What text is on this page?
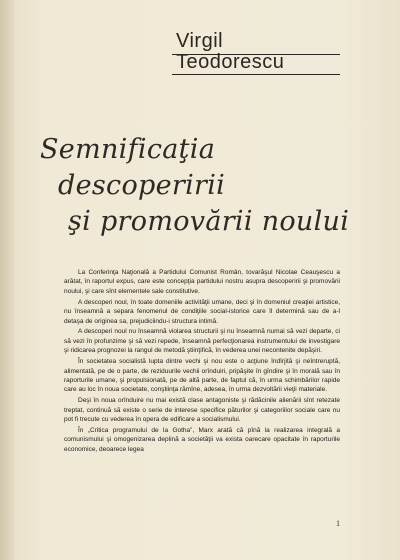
Virgil
Teodorescu
Semnificaţia
descoperirii
şi promovării noului

La Conferinţa Naţională a Partidului Comunist Român, tovarăşul Nicolae Ceauşescu a arătat, în raportul expus, care este concepţia partidului nostru asupra descoperirii şi promovării noului, şi care sînt elementele sale constitutive.

A descoperi noul, în toate domeniile activităţii umane, deci şi în domeniul creaţiei artistice, nu înseamnă a separa fenomenul de condiţiile social-istorice care îl determină sau de a-l detaşa de originea sa, prejudiciindu-i structura intimă.

A descoperi noul nu înseamnă violarea structurii şi nu înseamnă numai să vezi departe, ci să vezi în profunzime şi să vezi repede, înseamnă perfecţionarea instrumentului de investigare şi ridicarea prognozei la rangul de metodă ştiinţifică, în vederea unei necontenite depăşiri.

În societatea socialistă lupta dintre vechi şi nou este o acţiune îndîrjită şi neîntreruptă, alimentată, pe de o parte, de reziduurile vechii orînduiri, pripăşite în gîndire şi în morală sau în raporturile umane, şi propulsionată, pe de altă parte, de faptul că, în urma schimbărilor rapide care au loc în noua societate, conştiinţa rămîne, adesea, în urma dezvoltării vieţii materiale.

Deşi în noua orînduire nu mai există clase antagoniste şi rădăcinile alienării sînt retezate treptat, continuă să existe o serie de interese specifice păturilor şi categoriilor sociale care nu pot fi trecute cu vederea în opera de edificare a socialismului.

În „Critica programului de la Gotha”, Marx arată că pînă la realizarea integrală a comunismului şi omogenizarea deplină a societăţii va exista oarecare opacitate în raporturile economice, deoarece legea

1
